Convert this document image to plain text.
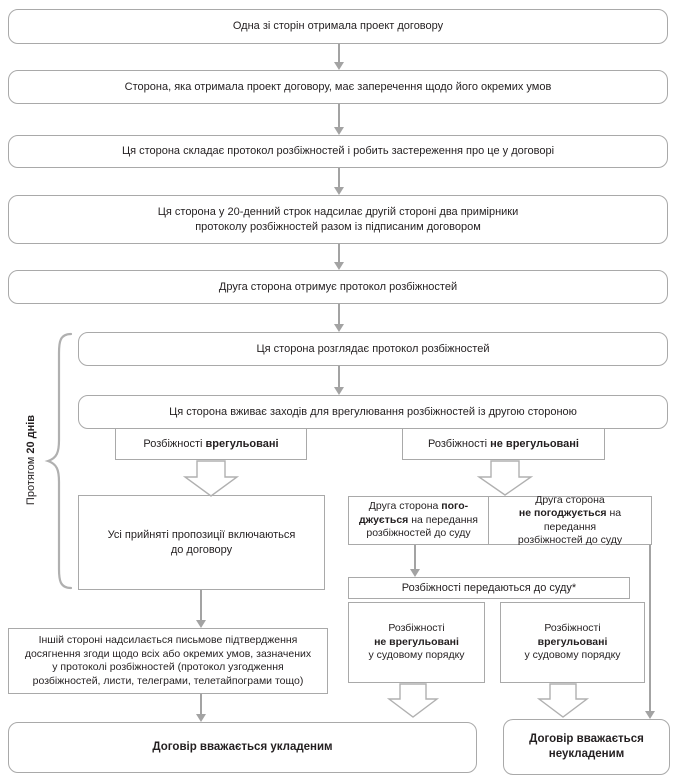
Одна зі сторін отримала проект договору
Сторона, яка отримала проект договору, має заперечення щодо його окремих умов
Ця сторона складає протокол розбіжностей і робить застереження про це у договорі
Ця сторона у 20-денний строк надсилає другій стороні два примірники
протоколу розбіжностей разом із підписаним договором
Друга сторона отримує протокол розбіжностей
Ця сторона розглядає протокол розбіжностей
Ця сторона вживає заходів для врегулювання розбіжностей із другою стороною
Розбіжності врегульовані	Розбіжності не врегульовані
Усі прийняті пропозиції включаються
до договору
Іншій стороні надсилається письмове підтвердження
досягнення згоди щодо всіх або окремих умов, зазначених
у протоколі розбіжностей (протокол узгодження
розбіжностей, листи, телеграми, телетайпограми тощо)
Друга сторона пого-
джується на передання
розбіжностей до суду
Друга сторона
не погоджується на передання
розбіжностей до суду
Розбіжності передаються до суду*
Розбіжності
не врегульовані
у судовому порядку
Розбіжності
врегульовані
у судовому порядку
Договір вважається укладеним
Договір вважається
неукладеним
Протягом 20 днів
